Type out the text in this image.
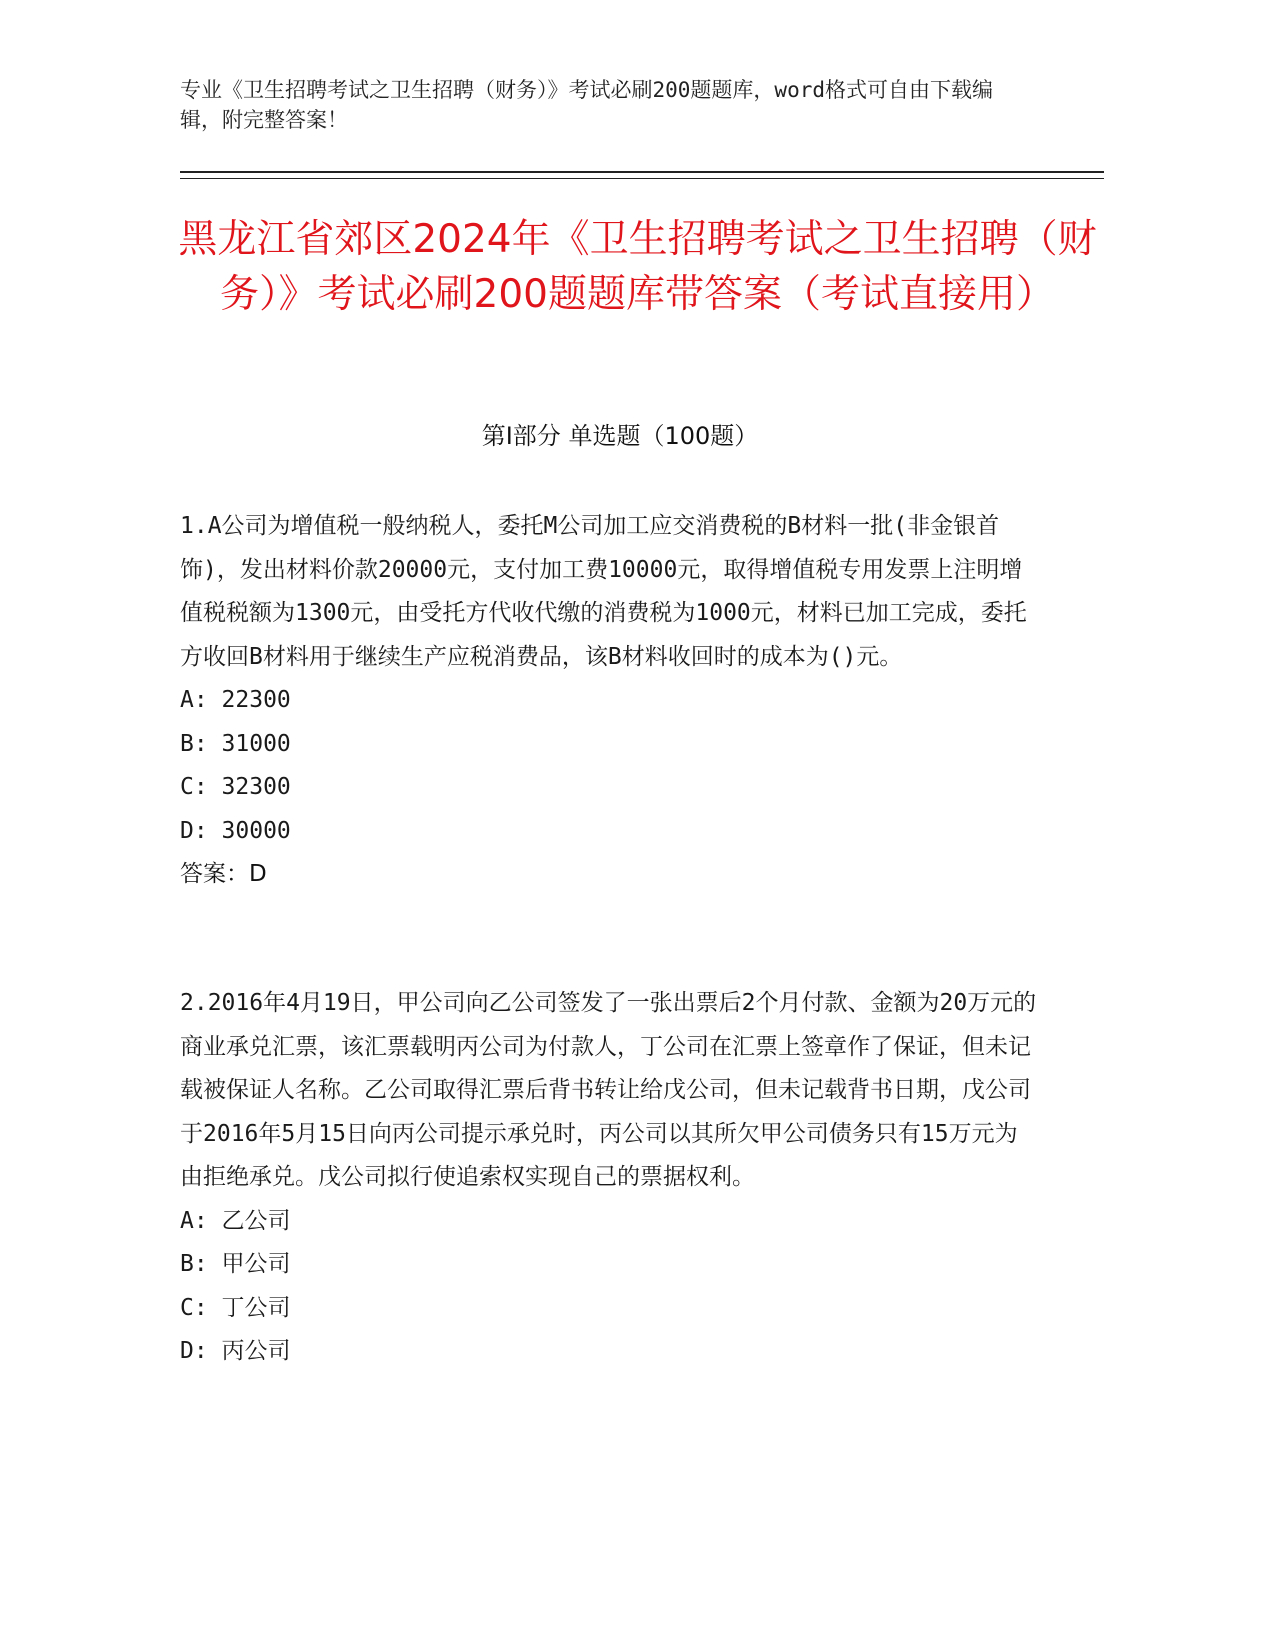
专业《卫生招聘考试之卫生招聘（财务）》考试必刷200题题库，word格式可自由下载编辑，附完整答案！
黑龙江省郊区2024年《卫生招聘考试之卫生招聘（财务）》考试必刷200题题库带答案（考试直接用）
第I部分 单选题（100题）
1.A公司为增值税一般纳税人，委托M公司加工应交消费税的B材料一批(非金银首饰)，发出材料价款20000元，支付加工费10000元，取得增值税专用发票上注明增值税税额为1300元，由受托方代收代缴的消费税为1000元，材料已加工完成，委托方收回B材料用于继续生产应税消费品，该B材料收回时的成本为()元。
A: 22300
B: 31000
C: 32300
D: 30000
答案：D
2.2016年4月19日，甲公司向乙公司签发了一张出票后2个月付款、金额为20万元的商业承兑汇票，该汇票载明丙公司为付款人，丁公司在汇票上签章作了保证，但未记载被保证人名称。乙公司取得汇票后背书转让给戊公司，但未记载背书日期，戊公司于2016年5月15日向丙公司提示承兑时，丙公司以其所欠甲公司债务只有15万元为由拒绝承兑。戊公司拟行使追索权实现自己的票据权利。
A: 乙公司
B: 甲公司
C: 丁公司
D: 丙公司
